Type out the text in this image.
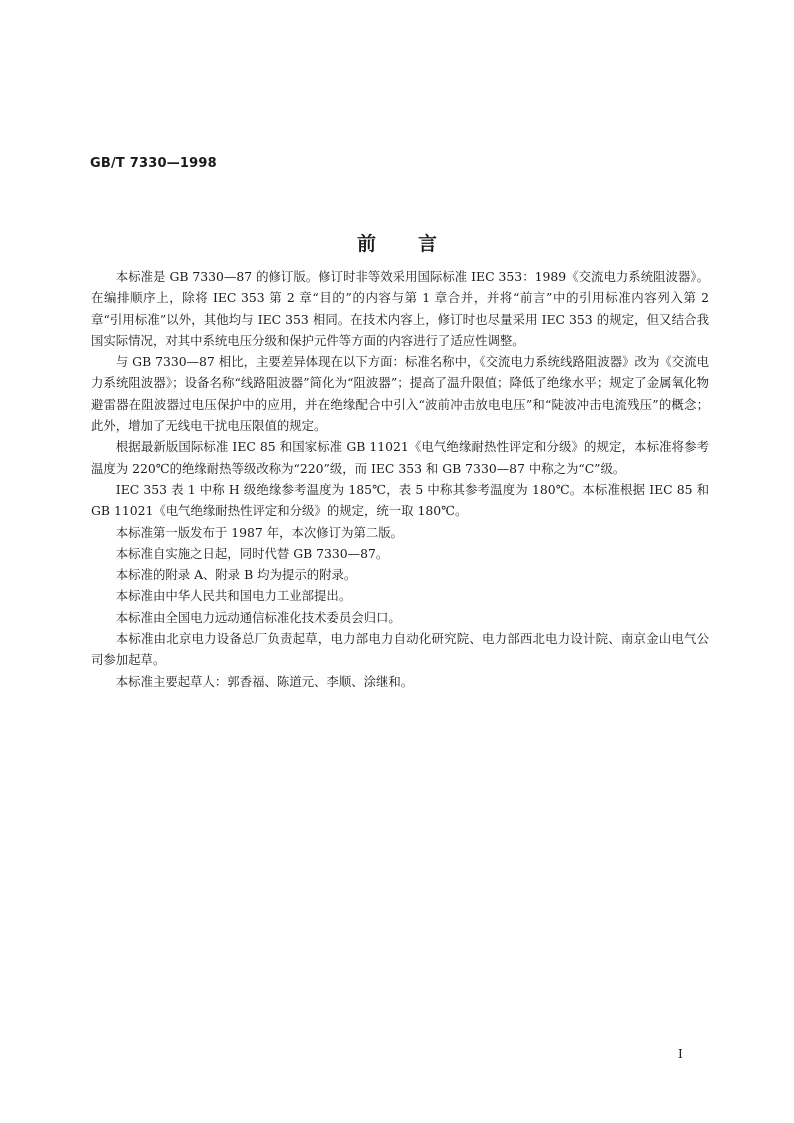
GB/T 7330—1998
前言

本标准是 GB 7330—87 的修订版。修订时非等效采用国际标准 IEC 353：1989《交流电力系统阻波器》。在编排顺序上，除将 IEC 353 第 2 章“目的”的内容与第 1 章合并，并将“前言”中的引用标准内容列入第 2 章“引用标准”以外，其他均与 IEC 353 相同。在技术内容上，修订时也尽量采用 IEC 353 的规定，但又结合我国实际情况，对其中系统电压分级和保护元件等方面的内容进行了适应性调整。

与 GB 7330—87 相比，主要差异体现在以下方面：标准名称中，《交流电力系统线路阻波器》改为《交流电力系统阻波器》；设备名称“线路阻波器”简化为“阻波器”；提高了温升限值；降低了绝缘水平；规定了金属氧化物避雷器在阻波器过电压保护中的应用，并在绝缘配合中引入“波前冲击放电电压”和“陡波冲击电流残压”的概念；此外，增加了无线电干扰电压限值的规定。

根据最新版国际标准 IEC 85 和国家标准 GB 11021《电气绝缘耐热性评定和分级》的规定，本标准将参考温度为 220℃的绝缘耐热等级改称为“220”级，而 IEC 353 和 GB 7330—87 中称之为“C”级。

IEC 353 表 1 中称 H 级绝缘参考温度为 185℃，表 5 中称其参考温度为 180℃。本标准根据 IEC 85 和 GB 11021《电气绝缘耐热性评定和分级》的规定，统一取 180℃。

本标准第一版发布于 1987 年，本次修订为第二版。

本标准自实施之日起，同时代替 GB 7330—87。

本标准的附录 A、附录 B 均为提示的附录。

本标准由中华人民共和国电力工业部提出。

本标准由全国电力远动通信标准化技术委员会归口。

本标准由北京电力设备总厂负责起草，电力部电力自动化研究院、电力部西北电力设计院、南京金山电气公司参加起草。

本标准主要起草人：郭香福、陈道元、李顺、涂继和。

I
